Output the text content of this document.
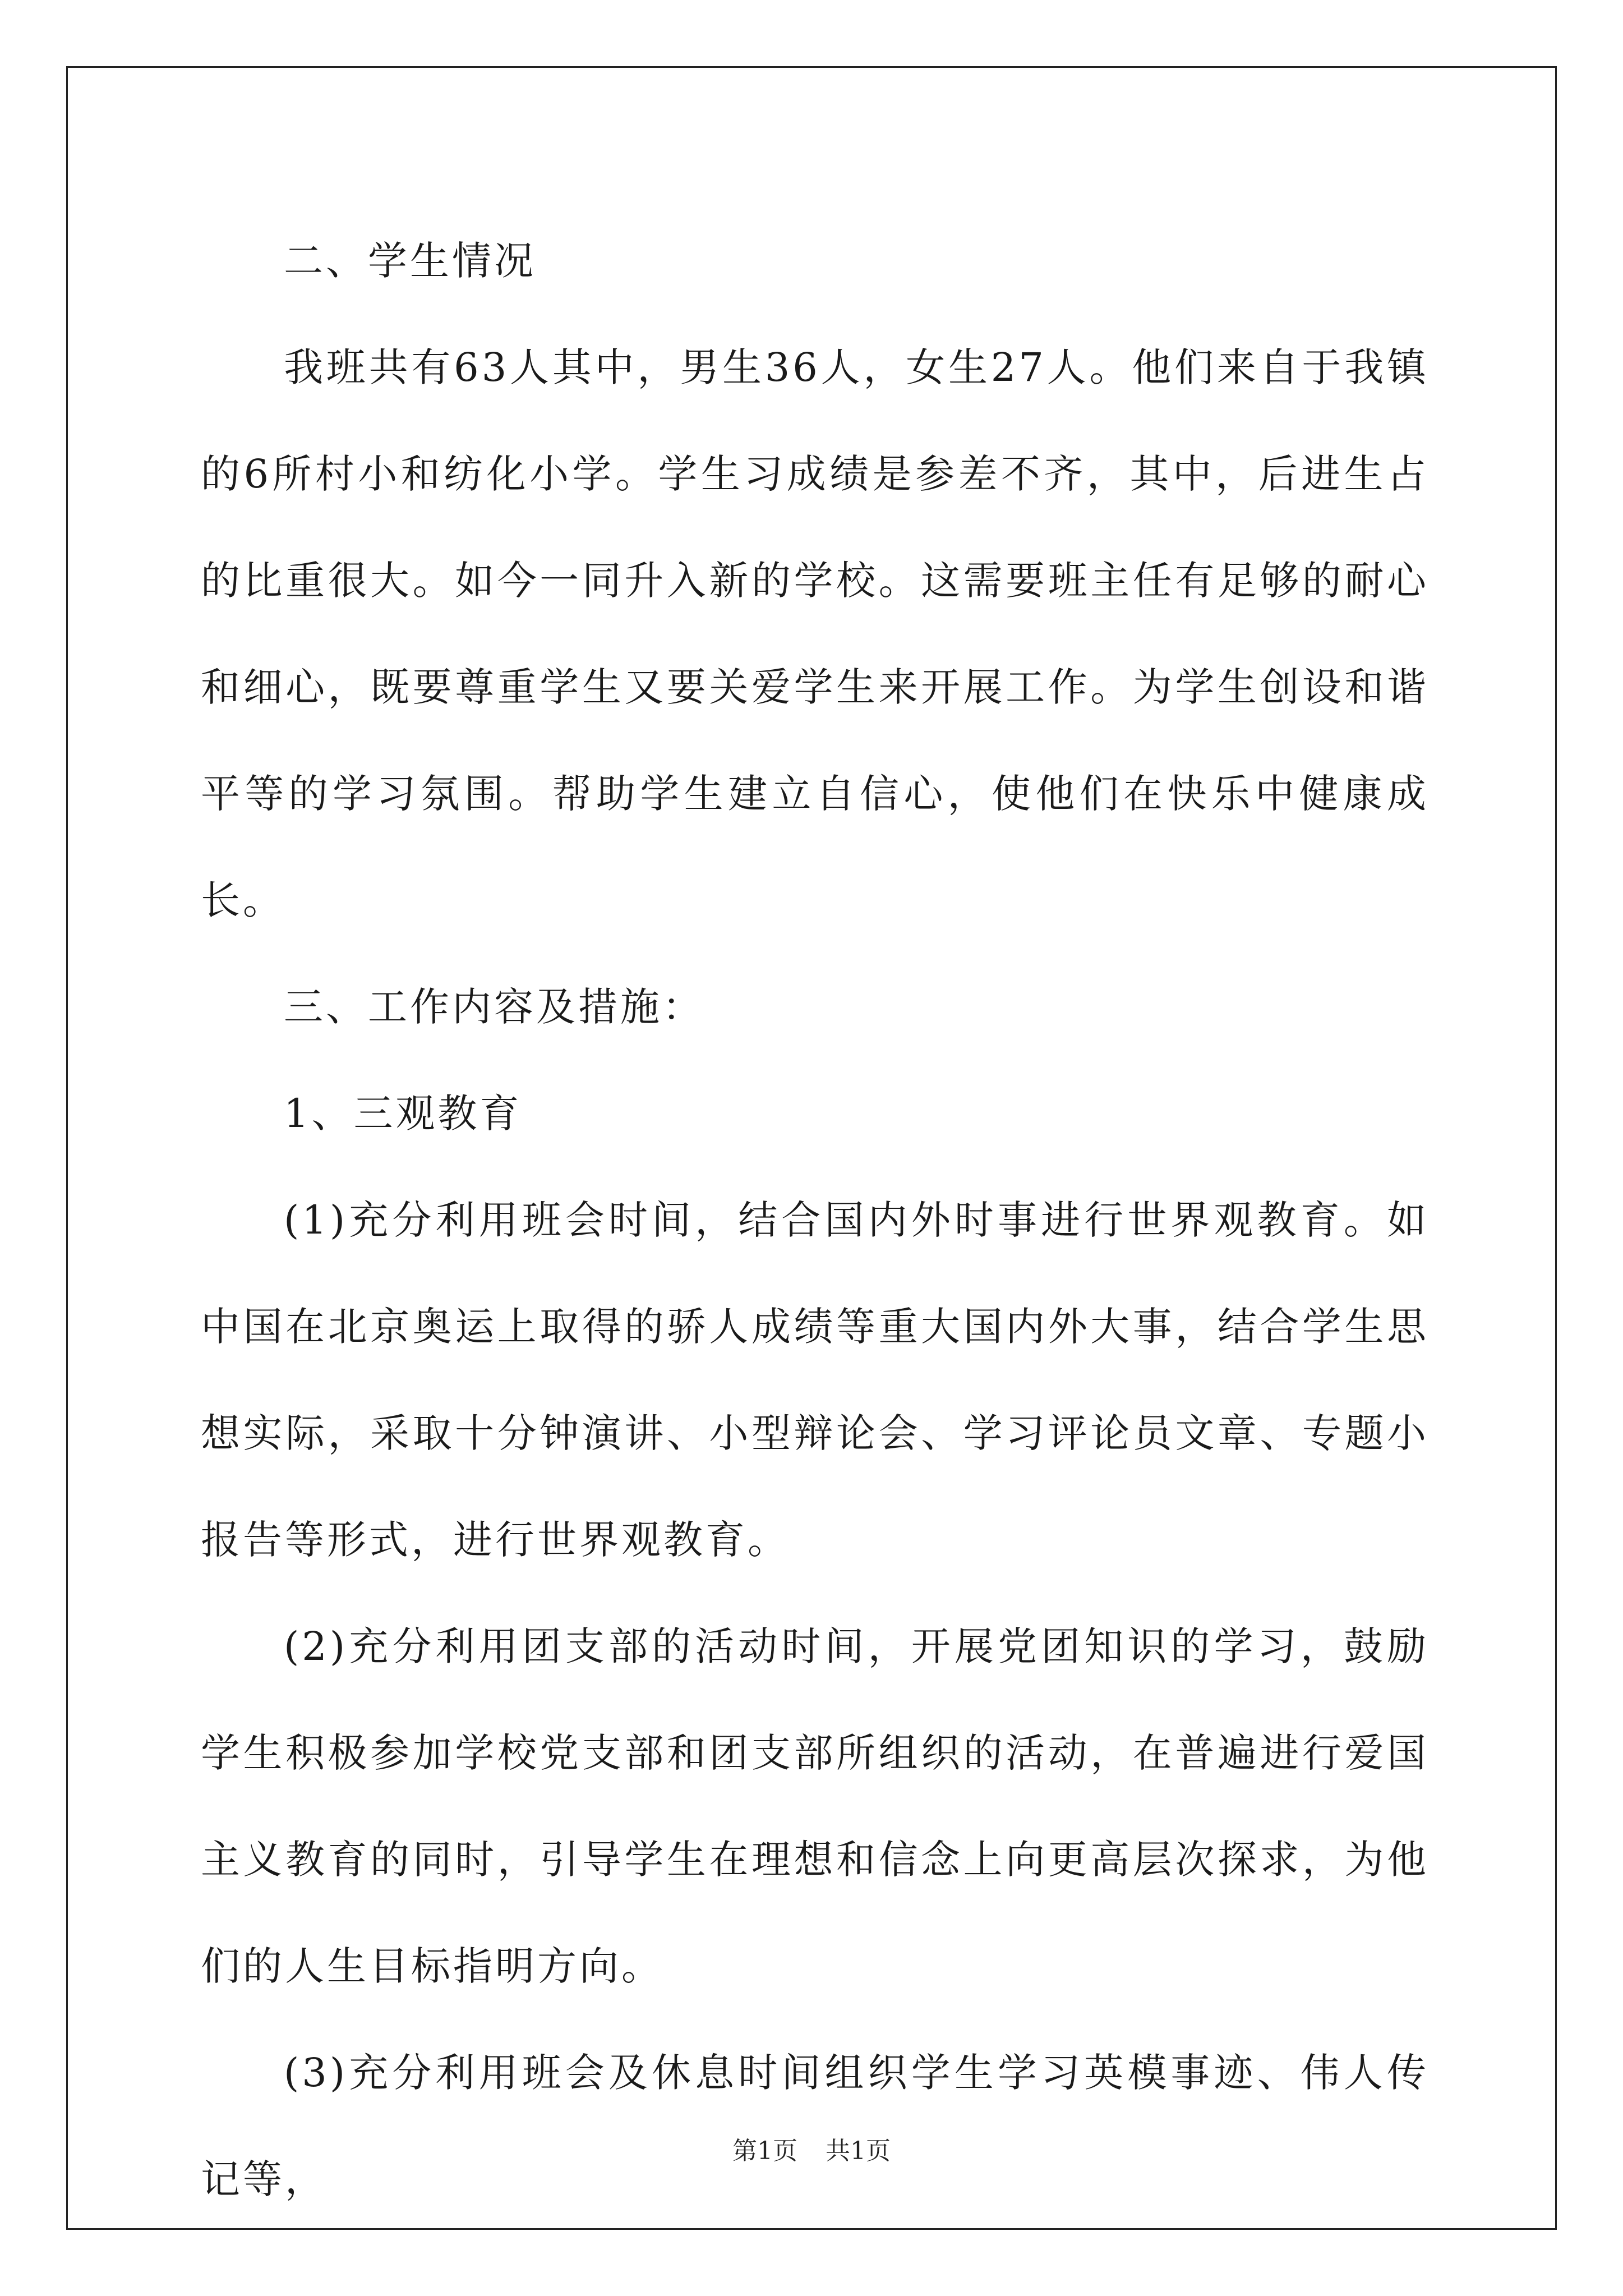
二、学生情况

我班共有63人其中，男生36人，女生27人。他们来自于我镇的6所村小和纺化小学。学生习成绩是参差不齐，其中，后进生占的比重很大。如今一同升入新的学校。这需要班主任有足够的耐心和细心，既要尊重学生又要关爱学生来开展工作。为学生创设和谐平等的学习氛围。帮助学生建立自信心，使他们在快乐中健康成长。

三、工作内容及措施：

1、三观教育

(1)充分利用班会时间，结合国内外时事进行世界观教育。如中国在北京奥运上取得的骄人成绩等重大国内外大事，结合学生思想实际，采取十分钟演讲、小型辩论会、学习评论员文章、专题小报告等形式，进行世界观教育。

(2)充分利用团支部的活动时间，开展党团知识的学习，鼓励学生积极参加学校党支部和团支部所组织的活动，在普遍进行爱国主义教育的同时，引导学生在理想和信念上向更高层次探求，为他们的人生目标指明方向。

(3)充分利用班会及休息时间组织学生学习英模事迹、伟人传记等，

第1页 共1页
